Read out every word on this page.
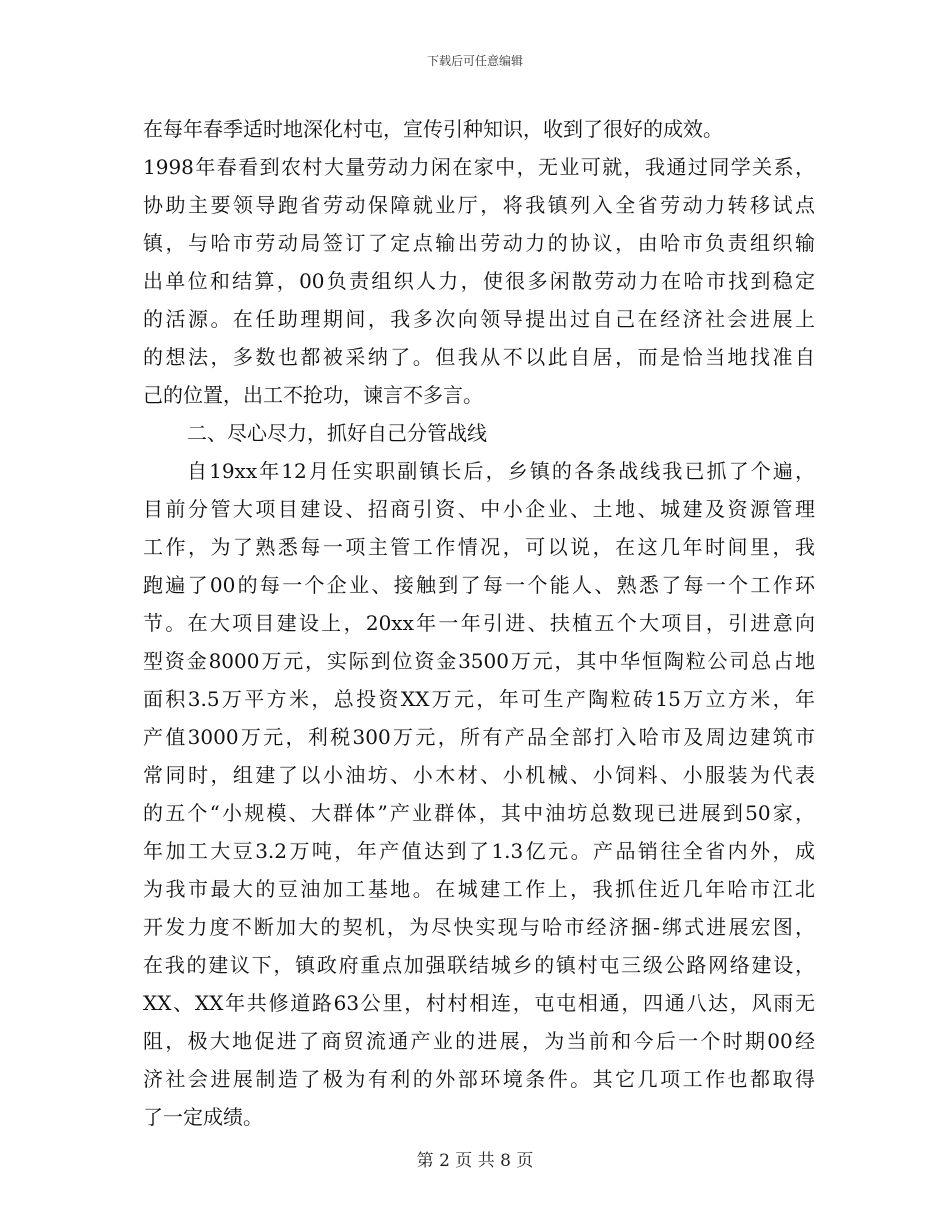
下载后可任意编辑
在每年春季适时地深化村屯，宣传引种知识，收到了很好的成效。
1998年春看到农村大量劳动力闲在家中，无业可就，我通过同学关系，
协助主要领导跑省劳动保障就业厅，将我镇列入全省劳动力转移试点
镇，与哈市劳动局签订了定点输出劳动力的协议，由哈市负责组织输
出单位和结算，00负责组织人力，使很多闲散劳动力在哈市找到稳定
的活源。在任助理期间，我多次向领导提出过自己在经济社会进展上
的想法，多数也都被采纳了。但我从不以此自居，而是恰当地找准自
己的位置，出工不抢功，谏言不多言。
二、尽心尽力，抓好自己分管战线
自19xx年12月任实职副镇长后，乡镇的各条战线我已抓了个遍，
目前分管大项目建设、招商引资、中小企业、土地、城建及资源管理
工作，为了熟悉每一项主管工作情况，可以说，在这几年时间里，我
跑遍了00的每一个企业、接触到了每一个能人、熟悉了每一个工作环
节。在大项目建设上，20xx年一年引进、扶植五个大项目，引进意向
型资金8000万元，实际到位资金3500万元，其中华恒陶粒公司总占地
面积3.5万平方米，总投资XX万元，年可生产陶粒砖15万立方米，年
产值3000万元，利税300万元，所有产品全部打入哈市及周边建筑市
常同时，组建了以小油坊、小木材、小机械、小饲料、小服装为代表
的五个“小规模、大群体”产业群体，其中油坊总数现已进展到50家，
年加工大豆3.2万吨，年产值达到了1.3亿元。产品销往全省内外，成
为我市最大的豆油加工基地。在城建工作上，我抓住近几年哈市江北
开发力度不断加大的契机，为尽快实现与哈市经济捆-绑式进展宏图，
在我的建议下，镇政府重点加强联结城乡的镇村屯三级公路网络建设，
XX、XX年共修道路63公里，村村相连，屯屯相通，四通八达，风雨无
阻，极大地促进了商贸流通产业的进展，为当前和今后一个时期00经
济社会进展制造了极为有利的外部环境条件。其它几项工作也都取得
了一定成绩。
第 2 页 共 8 页
